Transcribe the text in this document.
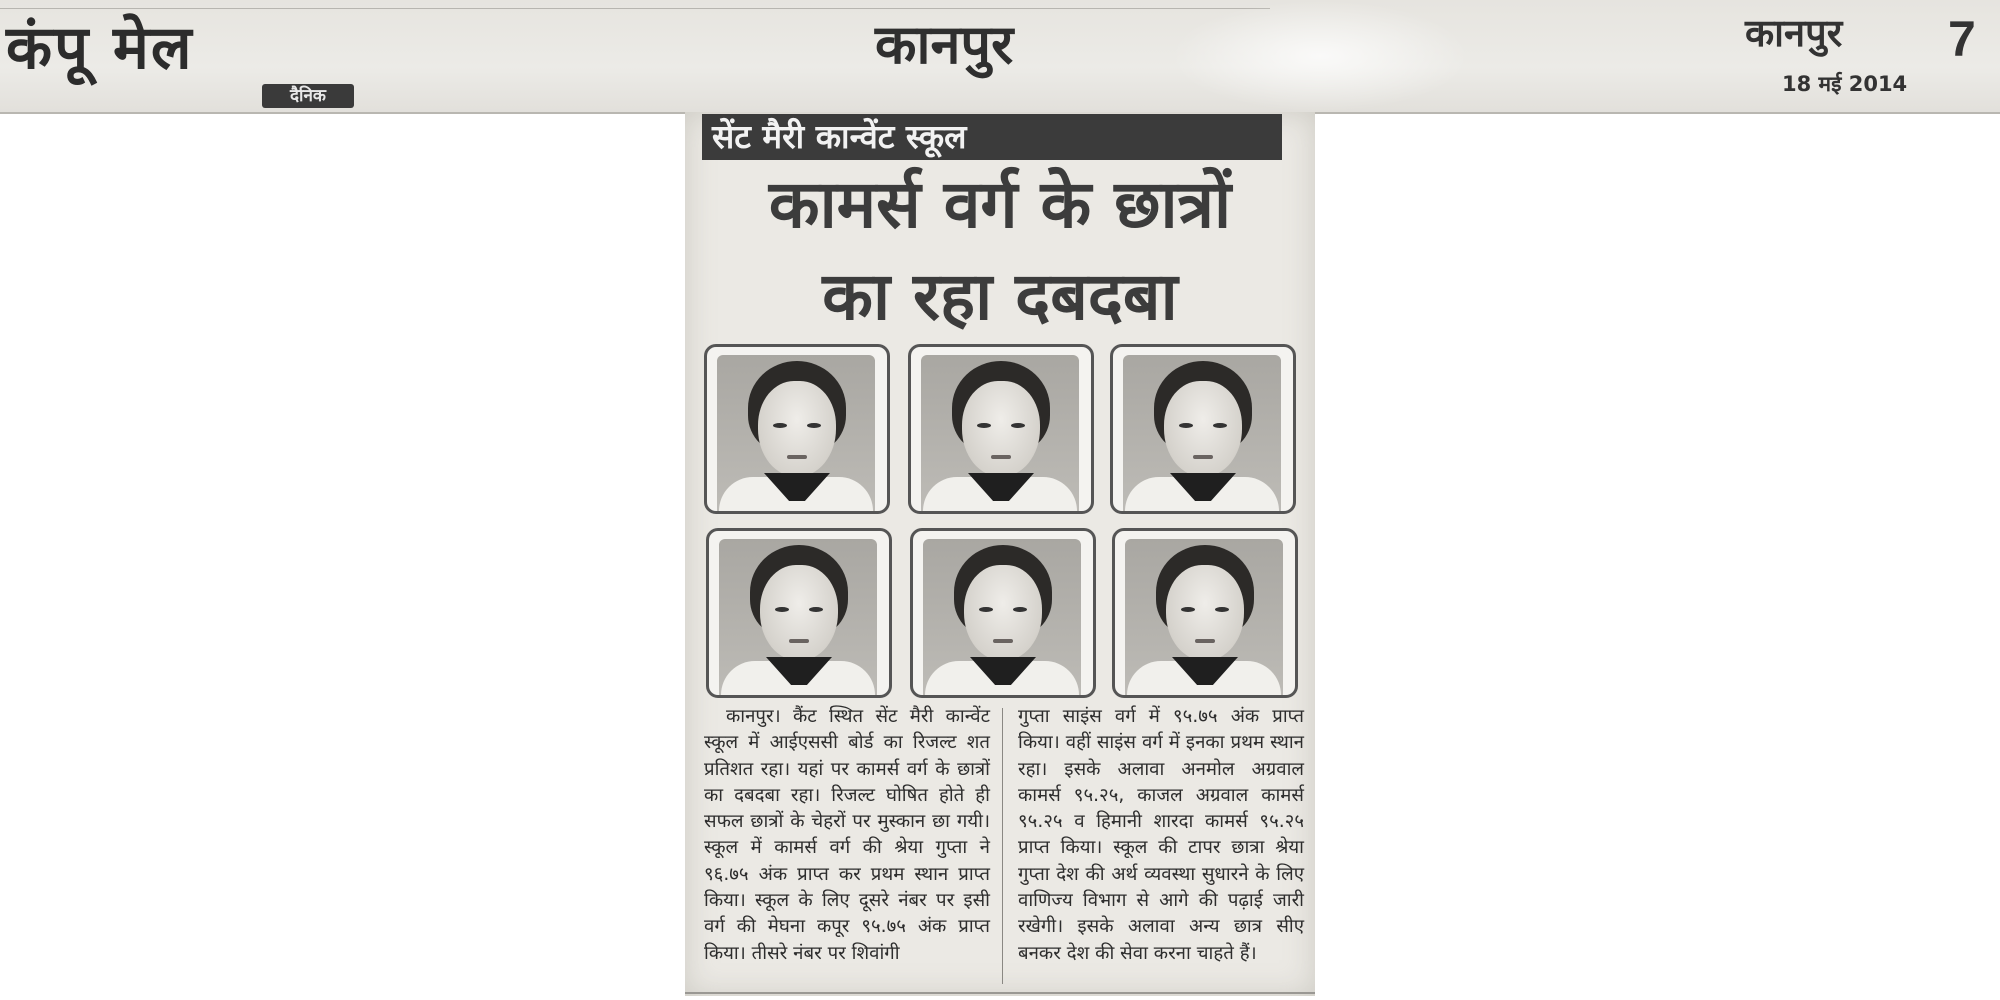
कंपू मेल
दैनिक
कानपुर	कानपुर 7
18 मई 2014
सेंट मैरी कान्वेंट स्कूल
कामर्स वर्ग के छात्रों
का रहा दबदबा

कानपुर। कैंट स्थित सेंट मैरी कान्वेंट स्कूल में आईएससी बोर्ड का रिजल्ट शत प्रतिशत रहा। यहां पर कामर्स वर्ग के छात्रों का दबदबा रहा। रिजल्ट घोषित होते ही सफल छात्रों के चेहरों पर मुस्कान छा गयी। स्कूल में कामर्स वर्ग की श्रेया गुप्ता ने ९६.७५ अंक प्राप्त कर प्रथम स्थान प्राप्त किया। स्कूल के लिए दूसरे नंबर पर इसी वर्ग की मेघना कपूर ९५.७५ अंक प्राप्त किया। तीसरे नंबर पर शिवांगी

गुप्ता साइंस वर्ग में ९५.७५ अंक प्राप्त किया। वहीं साइंस वर्ग में इनका प्रथम स्थान रहा। इसके अलावा अनमोल अग्रवाल कामर्स ९५.२५, काजल अग्रवाल कामर्स ९५.२५ व हिमानी शारदा कामर्स ९५.२५ प्राप्त किया। स्कूल की टापर छात्रा श्रेया गुप्ता देश की अर्थ व्यवस्था सुधारने के लिए वाणिज्य विभाग से आगे की पढ़ाई जारी रखेगी। इसके अलावा अन्य छात्र सीए बनकर देश की सेवा करना चाहते हैं।
